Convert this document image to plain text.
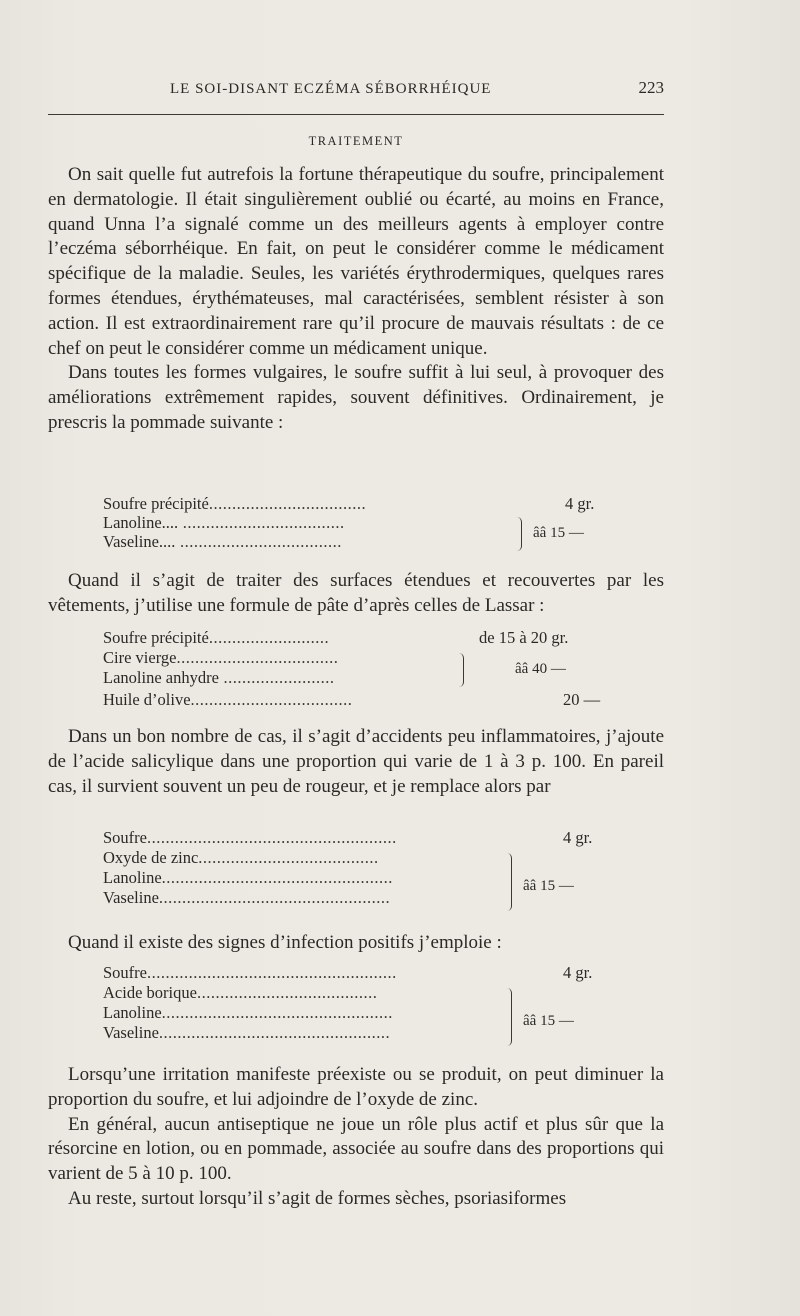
LE SOI-DISANT ECZÉMA SÉBORRHÉIQUE	223
TRAITEMENT

On sait quelle fut autrefois la fortune thérapeutique du soufre, principalement en dermatologie. Il était singulièrement oublié ou écarté, au moins en France, quand Unna l’a signalé comme un des meilleurs agents à employer contre l’eczéma séborrhéique. En fait, on peut le considérer comme le médicament spécifique de la maladie. Seules, les variétés érythrodermiques, quelques rares formes étendues, érythémateuses, mal caractérisées, semblent résister à son action. Il est extraordinairement rare qu’il procure de mauvais résultats : de ce chef on peut le considérer comme un médicament unique.

Dans toutes les formes vulgaires, le soufre suffit à lui seul, à provoquer des améliorations extrêmement rapides, souvent définitives. Ordinairement, je prescris la pommade suivante :

Soufre précipité..................................	4 gr.
Lanoline.... ...................................
Vaseline.... ...................................	ââ 15 —

Quand il s’agit de traiter des surfaces étendues et recouvertes par les vêtements, j’utilise une formule de pâte d’après celles de Lassar :

Soufre précipité..........................	de 15 à 20 gr.
Cire vierge...................................
Lanoline anhydre ........................	ââ 40 —
Huile d’olive...................................	20 —

Dans un bon nombre de cas, il s’agit d’accidents peu inflammatoires, j’ajoute de l’acide salicylique dans une proportion qui varie de 1 à 3 p. 100. En pareil cas, il survient souvent un peu de rougeur, et je remplace alors par

Soufre......................................................	4 gr.
Oxyde de zinc.......................................
Lanoline..................................................
Vaseline..................................................
ââ 15 —

Quand il existe des signes d’infection positifs j’emploie :

Soufre......................................................	4 gr.
Acide borique.......................................
Lanoline..................................................
Vaseline..................................................
ââ 15 —

Lorsqu’une irritation manifeste préexiste ou se produit, on peut diminuer la proportion du soufre, et lui adjoindre de l’oxyde de zinc.

En général, aucun antiseptique ne joue un rôle plus actif et plus sûr que la résorcine en lotion, ou en pommade, associée au soufre dans des proportions qui varient de 5 à 10 p. 100.

Au reste, surtout lorsqu’il s’agit de formes sèches, psoriasiformes
